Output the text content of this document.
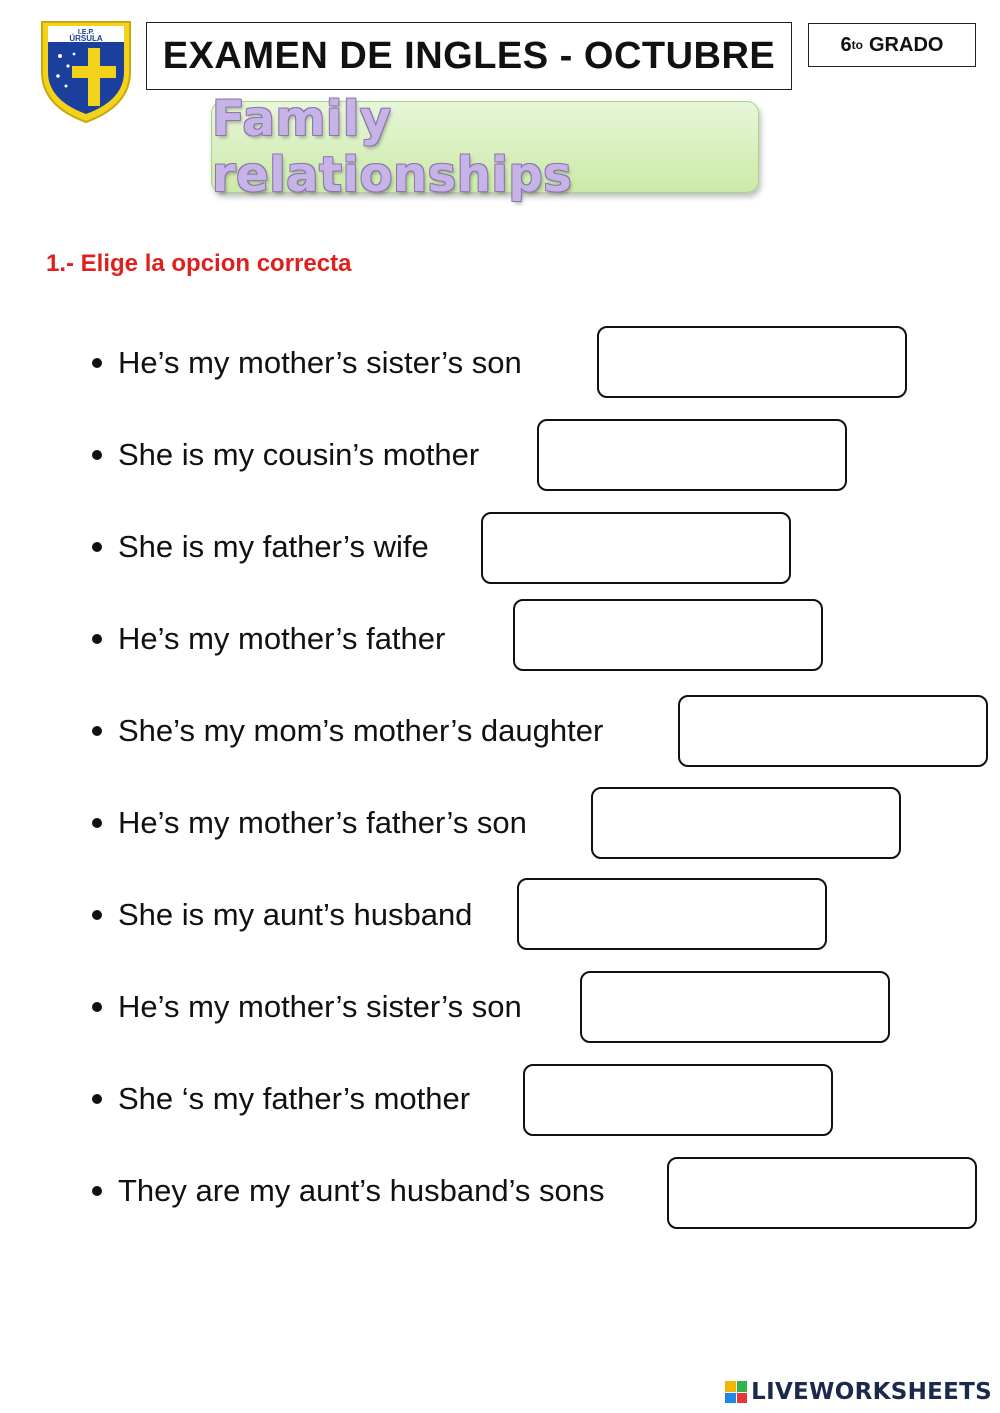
I.E.P.
ÚRSULA	EXAMEN DE INGLES - OCTUBRE	6 to GRADO
Family relationships
1.- Elige la opcion correcta
He’s my mother’s sister’s son
She is my cousin’s mother
She is my father’s wife
He’s my mother’s father
She’s my mom’s mother’s daughter
He’s my mother’s father’s son
She is my aunt’s husband
He’s my mother’s sister’s son
She ‘s my father’s mother
They are my aunt’s husband’s sons
LIVEWORKSHEETS
